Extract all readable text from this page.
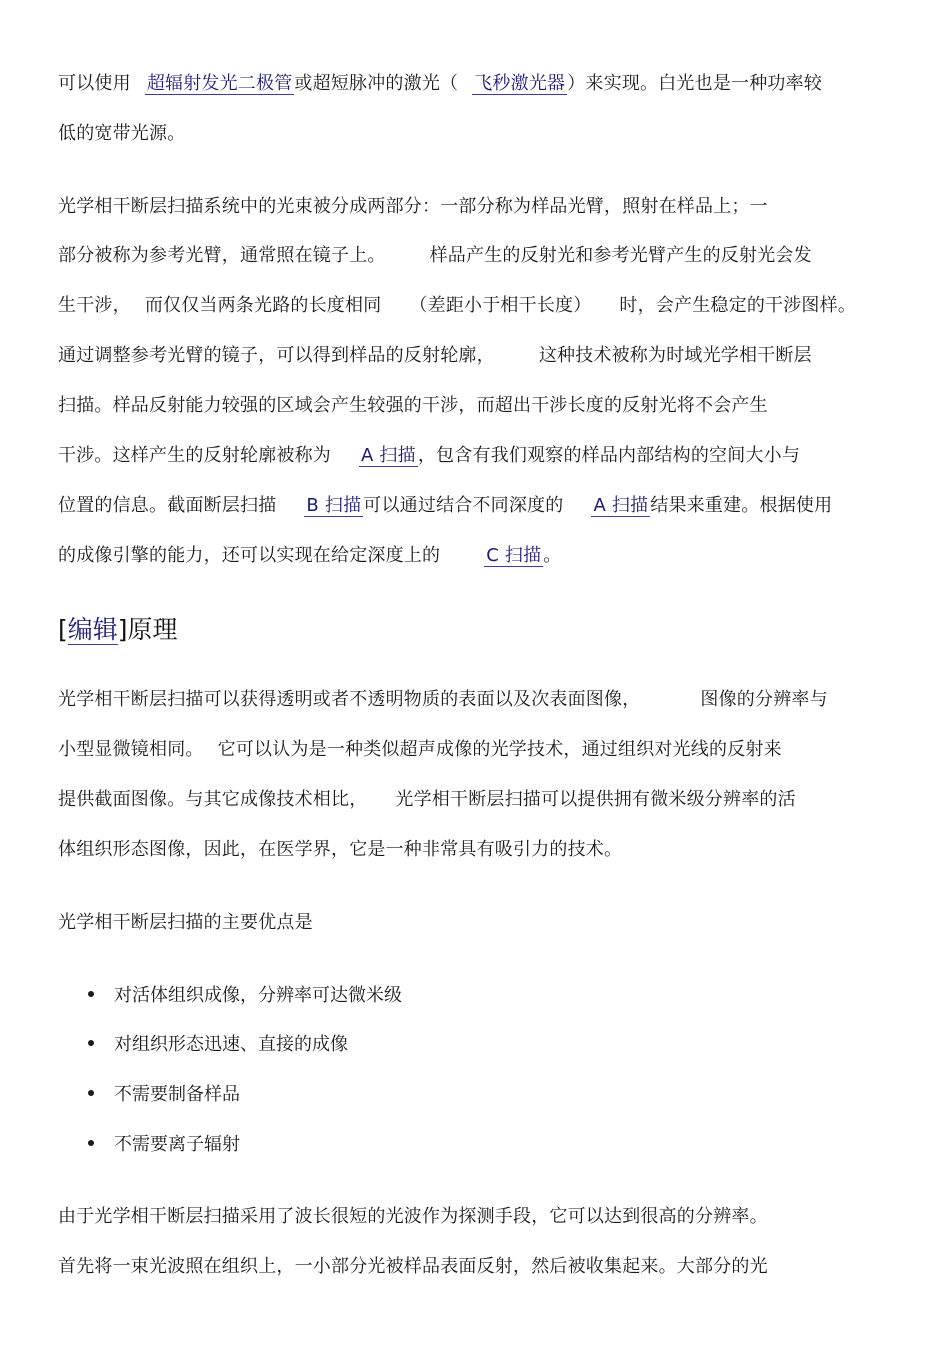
可以使用 超辐射发光二极管 或超短脉冲的激光（ 飞秒激光器 ）来实现。白光也是一种功率较
低的宽带光源。
光学相干断层扫描系统中的光束被分成两部分：一部分称为样品光臂，照射在样品上；一
部分被称为参考光臂，通常照在镜子上。 样品产生的反射光和参考光臂产生的反射光会发
生干涉， 而仅仅当两条光路的长度相同 （差距小于相干长度） 时，会产生稳定的干涉图样。
通过调整参考光臂的镜子，可以得到样品的反射轮廓， 这种技术被称为时域光学相干断层
扫描。样品反射能力较强的区域会产生较强的干涉，而超出干涉长度的反射光将不会产生
干涉。这样产生的反射轮廓被称为 A 扫描 ，包含有我们观察的样品内部结构的空间大小与
位置的信息。截面断层扫描 B 扫描 可以通过结合不同深度的 A 扫描 结果来重建。根据使用
的成像引擎的能力，还可以实现在给定深度上的	C 扫描 。
[编辑]原理
光学相干断层扫描可以获得透明或者不透明物质的表面以及次表面图像，	图像的分辨率与
小型显微镜相同。 它可以认为是一种类似超声成像的光学技术，通过组织对光线的反射来
提供截面图像。与其它成像技术相比， 光学相干断层扫描可以提供拥有微米级分辨率的活
体组织形态图像，因此，在医学界，它是一种非常具有吸引力的技术。
光学相干断层扫描的主要优点是
对活体组织成像，分辨率可达微米级
对组织形态迅速、直接的成像
不需要制备样品
不需要离子辐射
由于光学相干断层扫描采用了波长很短的光波作为探测手段，它可以达到很高的分辨率。
首先将一束光波照在组织上，一小部分光被样品表面反射，然后被收集起来。大部分的光
